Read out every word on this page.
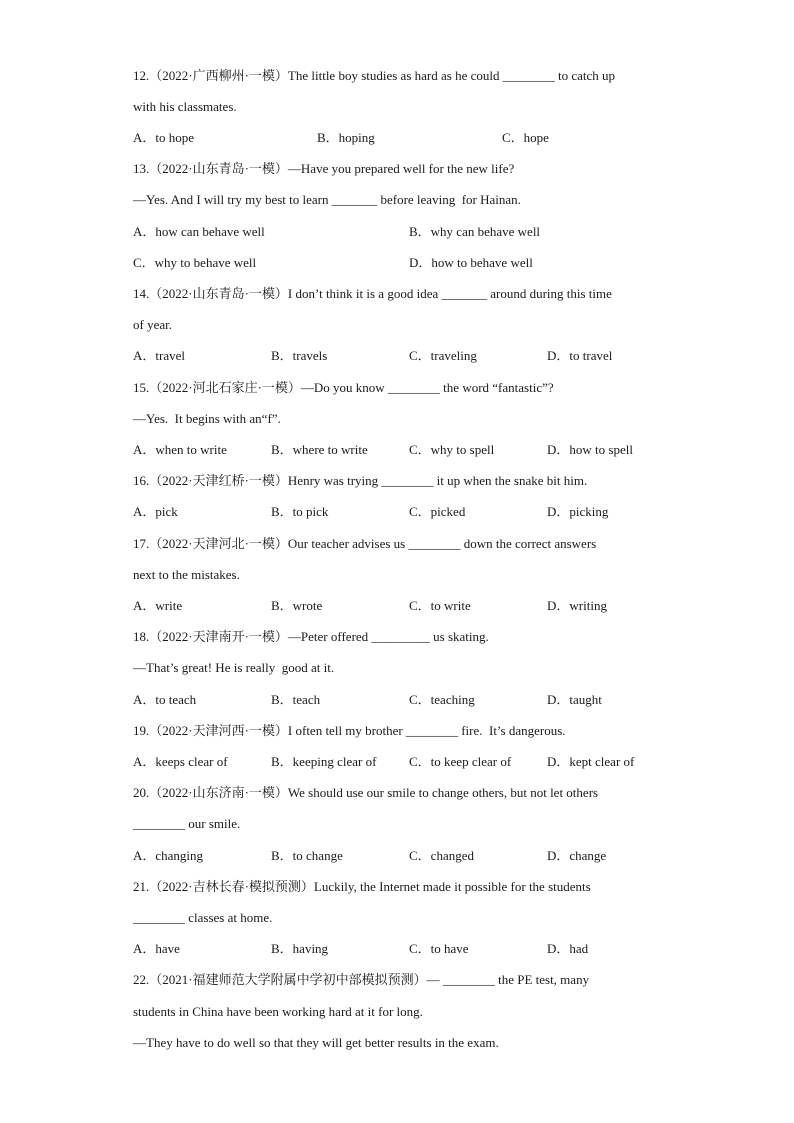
12.（2022·广西柳州·一模）The little boy studies as hard as he could ________ to catch up
with his classmates.
A．to hope	B．hoping	C．hope
13.（2022·山东青岛·一模）—Have you prepared well for the new life?
—Yes. And I will try my best to learn _______ before leaving  for Hainan.
A．how can behave well	B．why can behave well
C．why to behave well	D．how to behave well
14.（2022·山东青岛·一模）I don’t think it is a good idea _______ around during this time
of year.
A．travel	B．travels	C．traveling	D．to travel
15.（2022·河北石家庄·一模）—Do you know ________ the word “fantastic”?
—Yes.  It begins with an“f”.
A．when to write	B．where to write	C．why to spell	D．how to spell
16.（2022·天津红桥·一模）Henry was trying ________ it up when the snake bit him.
A．pick	B．to pick	C．picked	D．picking
17.（2022·天津河北·一模）Our teacher advises us ________ down the correct answers
next to the mistakes.
A．write	B．wrote	C．to write	D．writing
18.（2022·天津南开·一模）—Peter offered _________ us skating.
—That’s great! He is really  good at it.
A．to teach	B．teach	C．teaching	D．taught
19.（2022·天津河西·一模）I often tell my brother ________ fire.  It’s dangerous.
A．keeps clear of	B．keeping clear of	C．to keep clear of	D．kept clear of
20.（2022·山东济南·一模）We should use our smile to change others, but not let others
________ our smile.
A．changing	B．to change	C．changed	D．change
21.（2022·吉林长春·模拟预测）Luckily, the Internet made it possible for the students
________ classes at home.
A．have	B．having	C．to have	D．had
22.（2021·福建师范大学附属中学初中部模拟预测）— ________ the PE test, many
students in China have been working hard at it for long.
—They have to do well so that they will get better results in the exam.
